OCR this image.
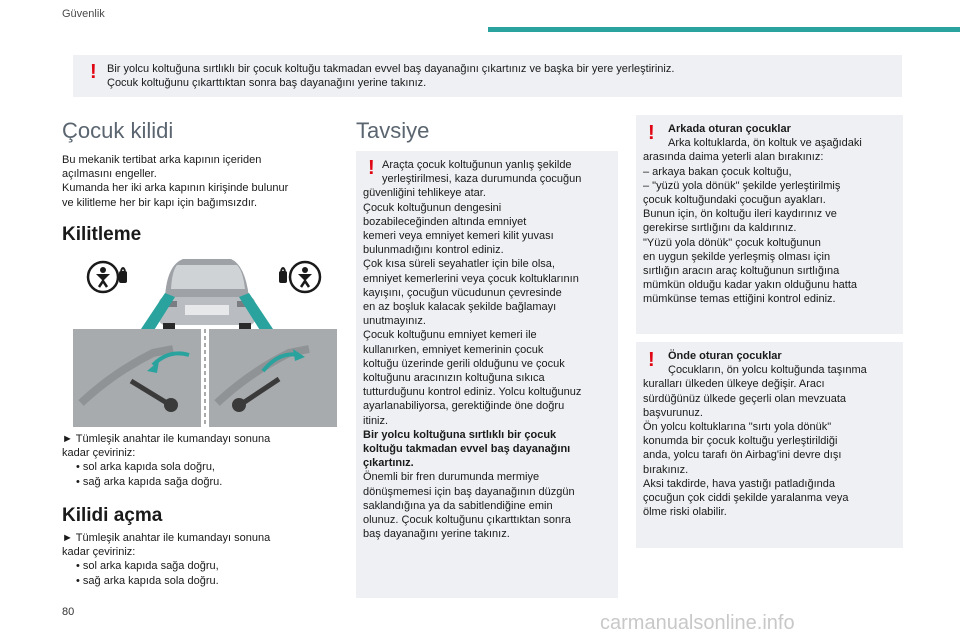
Güvenlik
! Bir yolcu koltuğuna sırtlıklı bir çocuk koltuğu takmadan evvel baş dayanağını çıkartınız ve başka bir yere yerleştiriniz.
Çocuk koltuğunu çıkarttıktan sonra baş dayanağını yerine takınız.
Çocuk kilidi
Bu mekanik tertibat arka kapının içeriden
açılmasını engeller.
Kumanda her iki arka kapının kirişinde bulunur
ve kilitleme her bir kapı için bağımsızdır.
Kilitleme
► Tümleşik anahtar ile kumandayı sonuna
kadar çeviriniz:
• sol arka kapıda sola doğru,
• sağ arka kapıda sağa doğru.
Kilidi açma
► Tümleşik anahtar ile kumandayı sonuna
kadar çeviriniz:
• sol arka kapıda sağa doğru,
• sağ arka kapıda sola doğru.
Tavsiye
! Araçta çocuk koltuğunun yanlış şekilde
yerleştirilmesi, kaza durumunda çocuğun
güvenliğini tehlikeye atar.
Çocuk koltuğunun dengesini
bozabileceğinden altında emniyet
kemeri veya emniyet kemeri kilit yuvası
bulunmadığını kontrol ediniz.
Çok kısa süreli seyahatler için bile olsa,
emniyet kemerlerini veya çocuk koltuklarının
kayışını, çocuğun vücudunun çevresinde
en az boşluk kalacak şekilde bağlamayı
unutmayınız.
Çocuk koltuğunu emniyet kemeri ile
kullanırken, emniyet kemerinin çocuk
koltuğu üzerinde gerili olduğunu ve çocuk
koltuğunu aracınızın koltuğuna sıkıca
tutturduğunu kontrol ediniz. Yolcu koltuğunuz
ayarlanabiliyorsa, gerektiğinde öne doğru
itiniz.
Bir yolcu koltuğuna sırtlıklı bir çocuk
koltuğu takmadan evvel baş dayanağını
çıkartınız.
Önemli bir fren durumunda mermiye
dönüşmemesi için baş dayanağının düzgün
saklandığına ya da sabitlendiğine emin
olunuz. Çocuk koltuğunu çıkarttıktan sonra
baş dayanağını yerine takınız.
!	Arkada oturan çocuklar
Arka koltuklarda, ön koltuk ve aşağıdaki
arasında daima yeterli alan bırakınız:
– arkaya bakan çocuk koltuğu,
– "yüzü yola dönük" şekilde yerleştirilmiş
çocuk koltuğundaki çocuğun ayakları.
Bunun için, ön koltuğu ileri kaydırınız ve
gerekirse sırtlığını da kaldırınız.
"Yüzü yola dönük" çocuk koltuğunun
en uygun şekilde yerleşmiş olması için
sırtlığın aracın araç koltuğunun sırtlığına
mümkün olduğu kadar yakın olduğunu hatta
mümkünse temas ettiğini kontrol ediniz.
!	Önde oturan çocuklar
Çocukların, ön yolcu koltuğunda taşınma
kuralları ülkeden ülkeye değişir. Aracı
sürdüğünüz ülkede geçerli olan mevzuata
başvurunuz.
Ön yolcu koltuklarına "sırtı yola dönük"
konumda bir çocuk koltuğu yerleştirildiği
anda, yolcu tarafı ön Airbag'ini devre dışı
bırakınız.
Aksi takdirde, hava yastığı patladığında
çocuğun çok ciddi şekilde yaralanma veya
ölme riski olabilir.
80	carmanualsonline.info
